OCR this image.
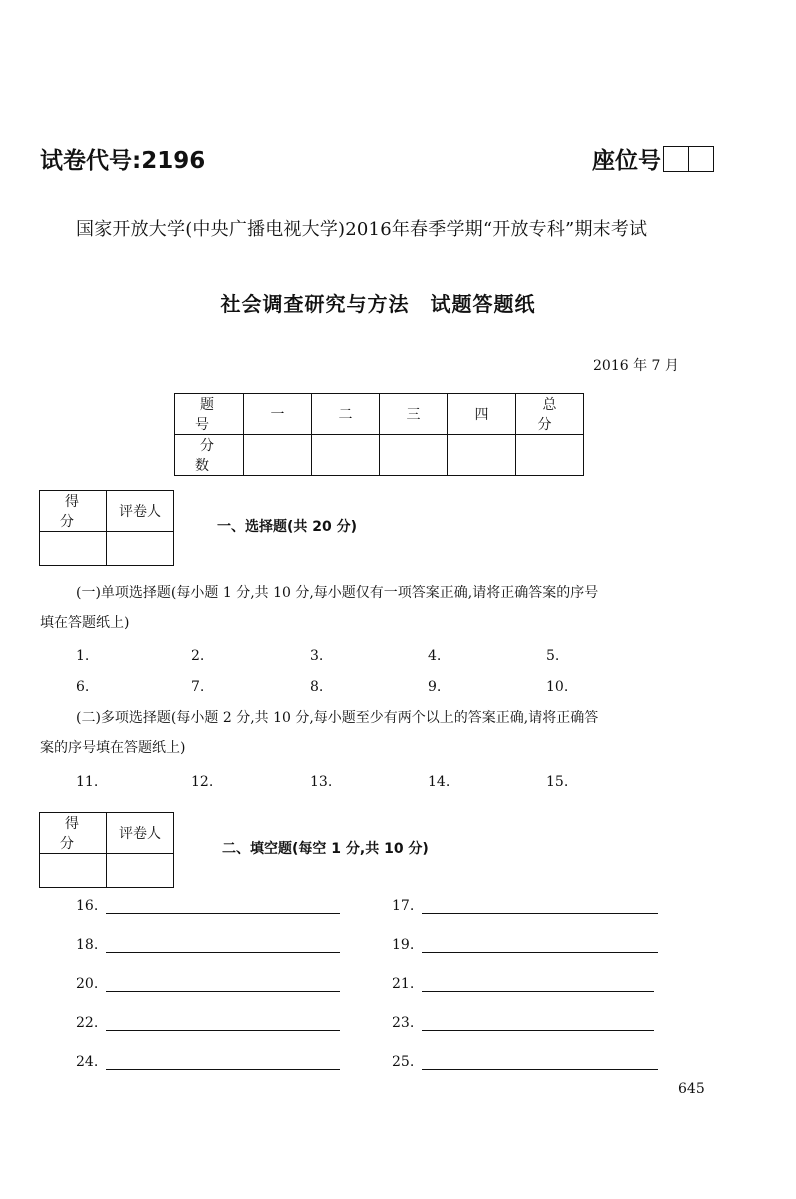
试卷代号:2196	座位号
国家开放大学(中央广播电视大学)2016年春季学期“开放专科”期末考试
社会调查研究与方法　试题答题纸
2016 年 7 月
题 号	一	二	三	四	总 分
分 数					
得 分	评卷人

一、选择题(共 20 分)
(一)单项选择题(每小题 1 分,共 10 分,每小题仅有一项答案正确,请将正确答案的序号
填在答题纸上)
1.	2.	3.	4.	5.
6.	7.	8.	9.	10.
(二)多项选择题(每小题 2 分,共 10 分,每小题至少有两个以上的答案正确,请将正确答
案的序号填在答题纸上)
11.	12.	13.	14.	15.
得 分	评卷人

二、填空题(每空 1 分,共 10 分)
16.	17.
18.	19.
20.	21.
22.	23.
24.	25.
645
